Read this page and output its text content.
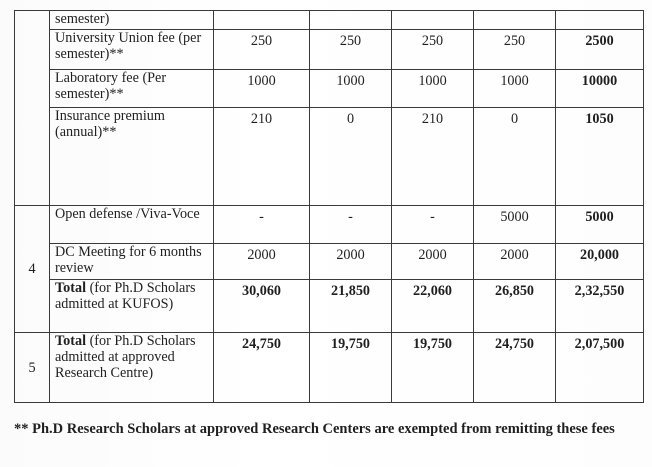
	semester)					
	University Union fee (per semester)**	250	250	250	250	2500
	Laboratory fee (Per semester)**	1000	1000	1000	1000	10000
	Insurance premium (annual)**	210	0	210	0	1050
4	Open defense /Viva-Voce	-	-	-	5000	5000
	DC Meeting for 6 months review	2000	2000	2000	2000	20,000
	Total (for Ph.D Scholars admitted at KUFOS)	30,060	21,850	22,060	26,850	2,32,550
5	Total (for Ph.D Scholars admitted at approved Research Centre)	24,750	19,750	19,750	24,750	2,07,500
** Ph.D Research Scholars at approved Research Centers are exempted from remitting these fees
